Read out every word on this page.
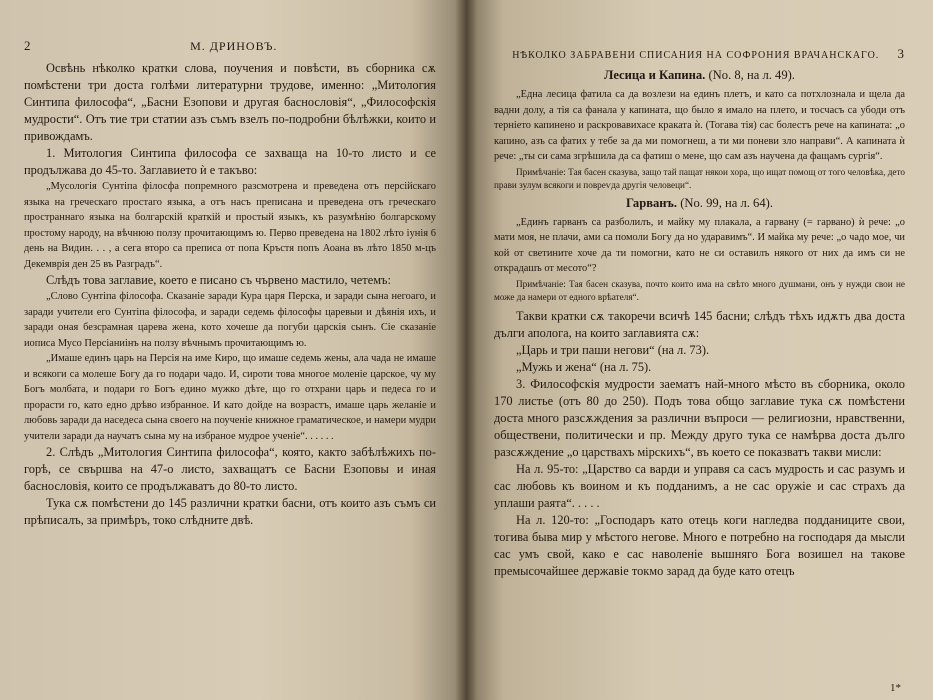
2	М. ДРИНОВЪ.

Освѣнь нѣколко кратки слова, поучения и повѣсти, въ сборника сѫ помѣстени три доста голѣми литературни трудове, именно: „Митология Синтипа философа“, „Басни Езопови и другая баснословія“, „Философскія мудрости“. Отъ тие три статии азъ съмъ взелъ по-подробни бѣлѣжки, които и привождамъ.

1. Митология Синтипа философа се захваща на 10-то листо и се продължава до 45-то. Заглавието ѝ е такъво:

„Мусологія Сунтіпа філосфа попремного разсмотрена и преведена отъ персійскаго языка на греческаго простаго языка, а отъ насъ преписана и преведена отъ греческаго пространнаго языка на болгарскій краткій и простый языкъ, къ разумѣнію болгарскому простому народу, на вѣчнюю ползу прочитающимъ ю. Перво преведена на 1802 лѣто іунія 6 день на Видин. . . , а сега второ са преписа от попа Кръстя попъ Аоана въ лѣто 1850 м-цъ Декемврія ден 25 въ Разградъ“.

Слѣдъ това заглавие, което е писано съ чървено мастило, четемъ:

„Слово Сунтіпа філософа. Сказаніе заради Кура царя Перска, и заради сына негоаго, и заради учители его Сунтіпа філософа, и заради седемь філософы царевыи и дѣянія ихъ, и заради оная безсрамная царева жена, кoтo хочеше да погуби царскія сынъ. Сіе сказаніе иописа Мусо Персіаниінъ на ползу вѣчнымъ прочитающимъ ю.

„Имаше единъ царь на Персія на име Киро, що имаше седемь жены, ала чада не имаше и всякоги са молеше Богу да го подари чадо. И, сироти това многое моленіе царское, чу му Богъ молбата, и подари го Богъ едино мужко дѣте, що го отхрани царь и педеса го и прорасти го, като едно дрѣво избранное. И като дойде на возрастъ, имаше царь желаніе и любовь заради да наседеса сына своего на поученіе книжное граматическое, и намери мудри учители заради да научатъ сына му на избраное мудрое ученіе“. . . . . .

2. Слѣдъ „Митология Синтипа философа“, която, както забѣлѣжихъ по-горѣ, се свършва на 47-о листо, захващатъ се Басни Езоповы и иная баснословія, които се продължаватъ до 80-то листо.

Тука сѫ помѣстени до 145 различни кратки басни, отъ които азъ съмъ си прѣписалъ, за примѣръ, токо слѣдните двѣ.

НѢКОЛКО ЗАБРАВЕНИ СПИСАНИЯ НА СОФРОНИЯ ВРАЧАНСКАГО. 3
Лесица и Капина. (No. 8, на л. 49).

„Една лесица фатила са да возлези на единъ плетъ, и като са потхлознала и щела да вадни долу, а тія са фанала у капината, що было я имало на плето, и тосчасъ са убоди отъ терніето капинено и раскровавихасе краката ѝ. (Тогава тія) сас болестъ рече на капината: „о капино, азъ са фатих у тебе за да ми помогнеш, а ти ми поневи зло направи“. А капината ѝ рече: „ты си сама згрѣшила да са фатиш о мене, що сам азъ научена да фащамъ сургія“.

Примѣчаніе: Тая басен сказува, защо тай пащат някои хора, що ищат помощ от того человѣка, дето прави зулум всякоги и повреѵда другія человеци“.

Гарванъ. (No. 99, на л. 64).

„Единъ гарванъ са разболилъ, и майку му плакала, а гарвану (= гарвано) ѝ рече: „о мати моя, не плачи, ами са помоли Богу да но ударавимъ“. И майка му рече: „о чадо мое, чи кой от светините хоче да ти помогни, като не си оставилъ някого от них да имъ си не открадашъ от месото“?

Примѣчаніе: Тая басен сказува, почто които има на свѣто много душмани, онъ у нужди свои не може да намери от едного врѣателя“.

Такви кратки сѫ такоречи всичѣ 145 басни; слѣдъ тѣхъ идѫтъ два доста дълги аполога, на които заглавията сѫ:

„Царь и три паши негови“ (на л. 73).

„Мужь и жена“ (на л. 75).

3. Философскія мудрости заематъ най-много мѣсто въ сборника, около 170 листье (отъ 80 до 250). Подъ това общо заглавие тука сѫ помѣстени доста много разсѫждения за различни въпроси — религиозни, нравственни, обществени, политически и пр. Между друго тука се намѣрва доста дълго разсѫждение „о царствахъ мірскихъ“, въ което се показватъ такви мисли:

На л. 95-то: „Царство са варди и управя са сасъ мудрость и сас разумъ и сас любовь къ воином и къ подданимъ, а не сас оружіе и сас страхъ да уплаши раята“. . . . .

На л. 120-то: „Господаръ като отець коги нагледва подданиците свои, тогива быва мир у мѣстого негове. Много е потребно на господаря да мысли сас умъ свой, како е сас наволеніе вышняго Бога возишел на такове премысочайшее державіе токмо зарад да буде като отецъ

1*
